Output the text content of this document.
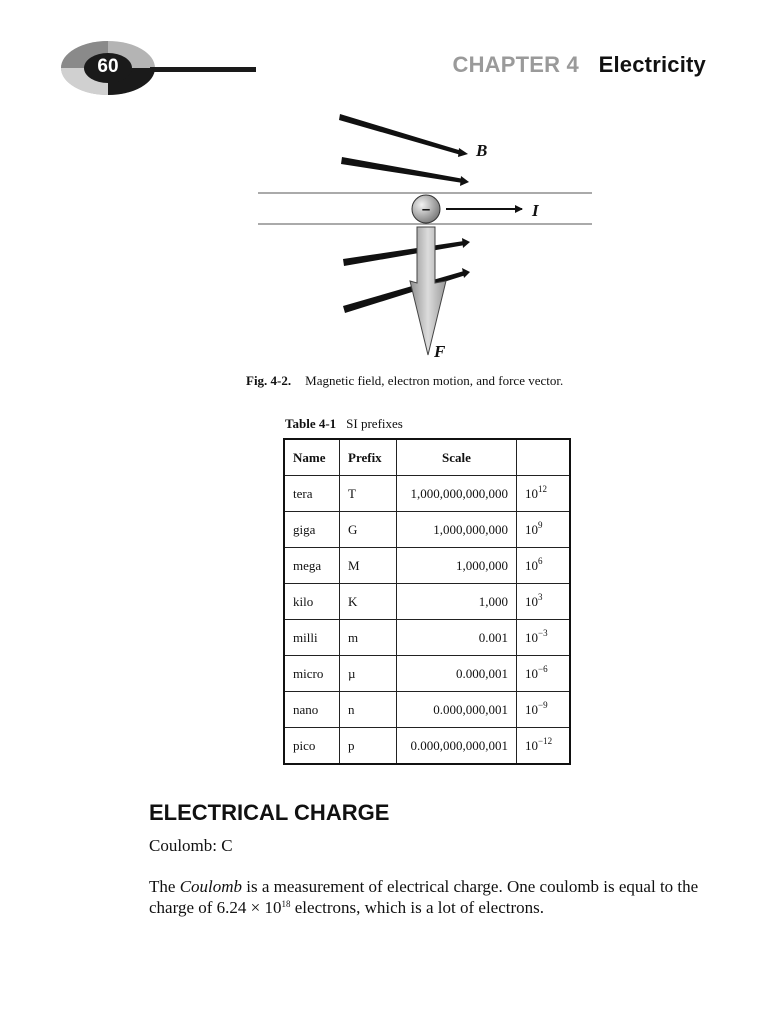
60	CHAPTER 4 Electricity
–
B
I
F
Fig. 4-2. Magnetic field, electron motion, and force vector.
Table 4-1 SI prefixes
Name	Prefix	Scale	
tera	T	1,000,000,000,000	$10^{12}$
giga	G	1,000,000,000	$10^9$
mega	M	1,000,000	$10^6$
kilo	K	1,000	$10^3$
milli	m	0.001	$10^{-3}$
micro	µ	0.000,001	$10^{-6}$
nano	n	0.000,000,001	$10^{-9}$
pico	p	0.000,000,000,001	$10^{-12}$
ELECTRICAL CHARGE
Coulomb: C
The Coulomb is a measurement of electrical charge. One coulomb is equal to the charge of $6.24 \times 10^{18}$ electrons, which is a lot of electrons.
